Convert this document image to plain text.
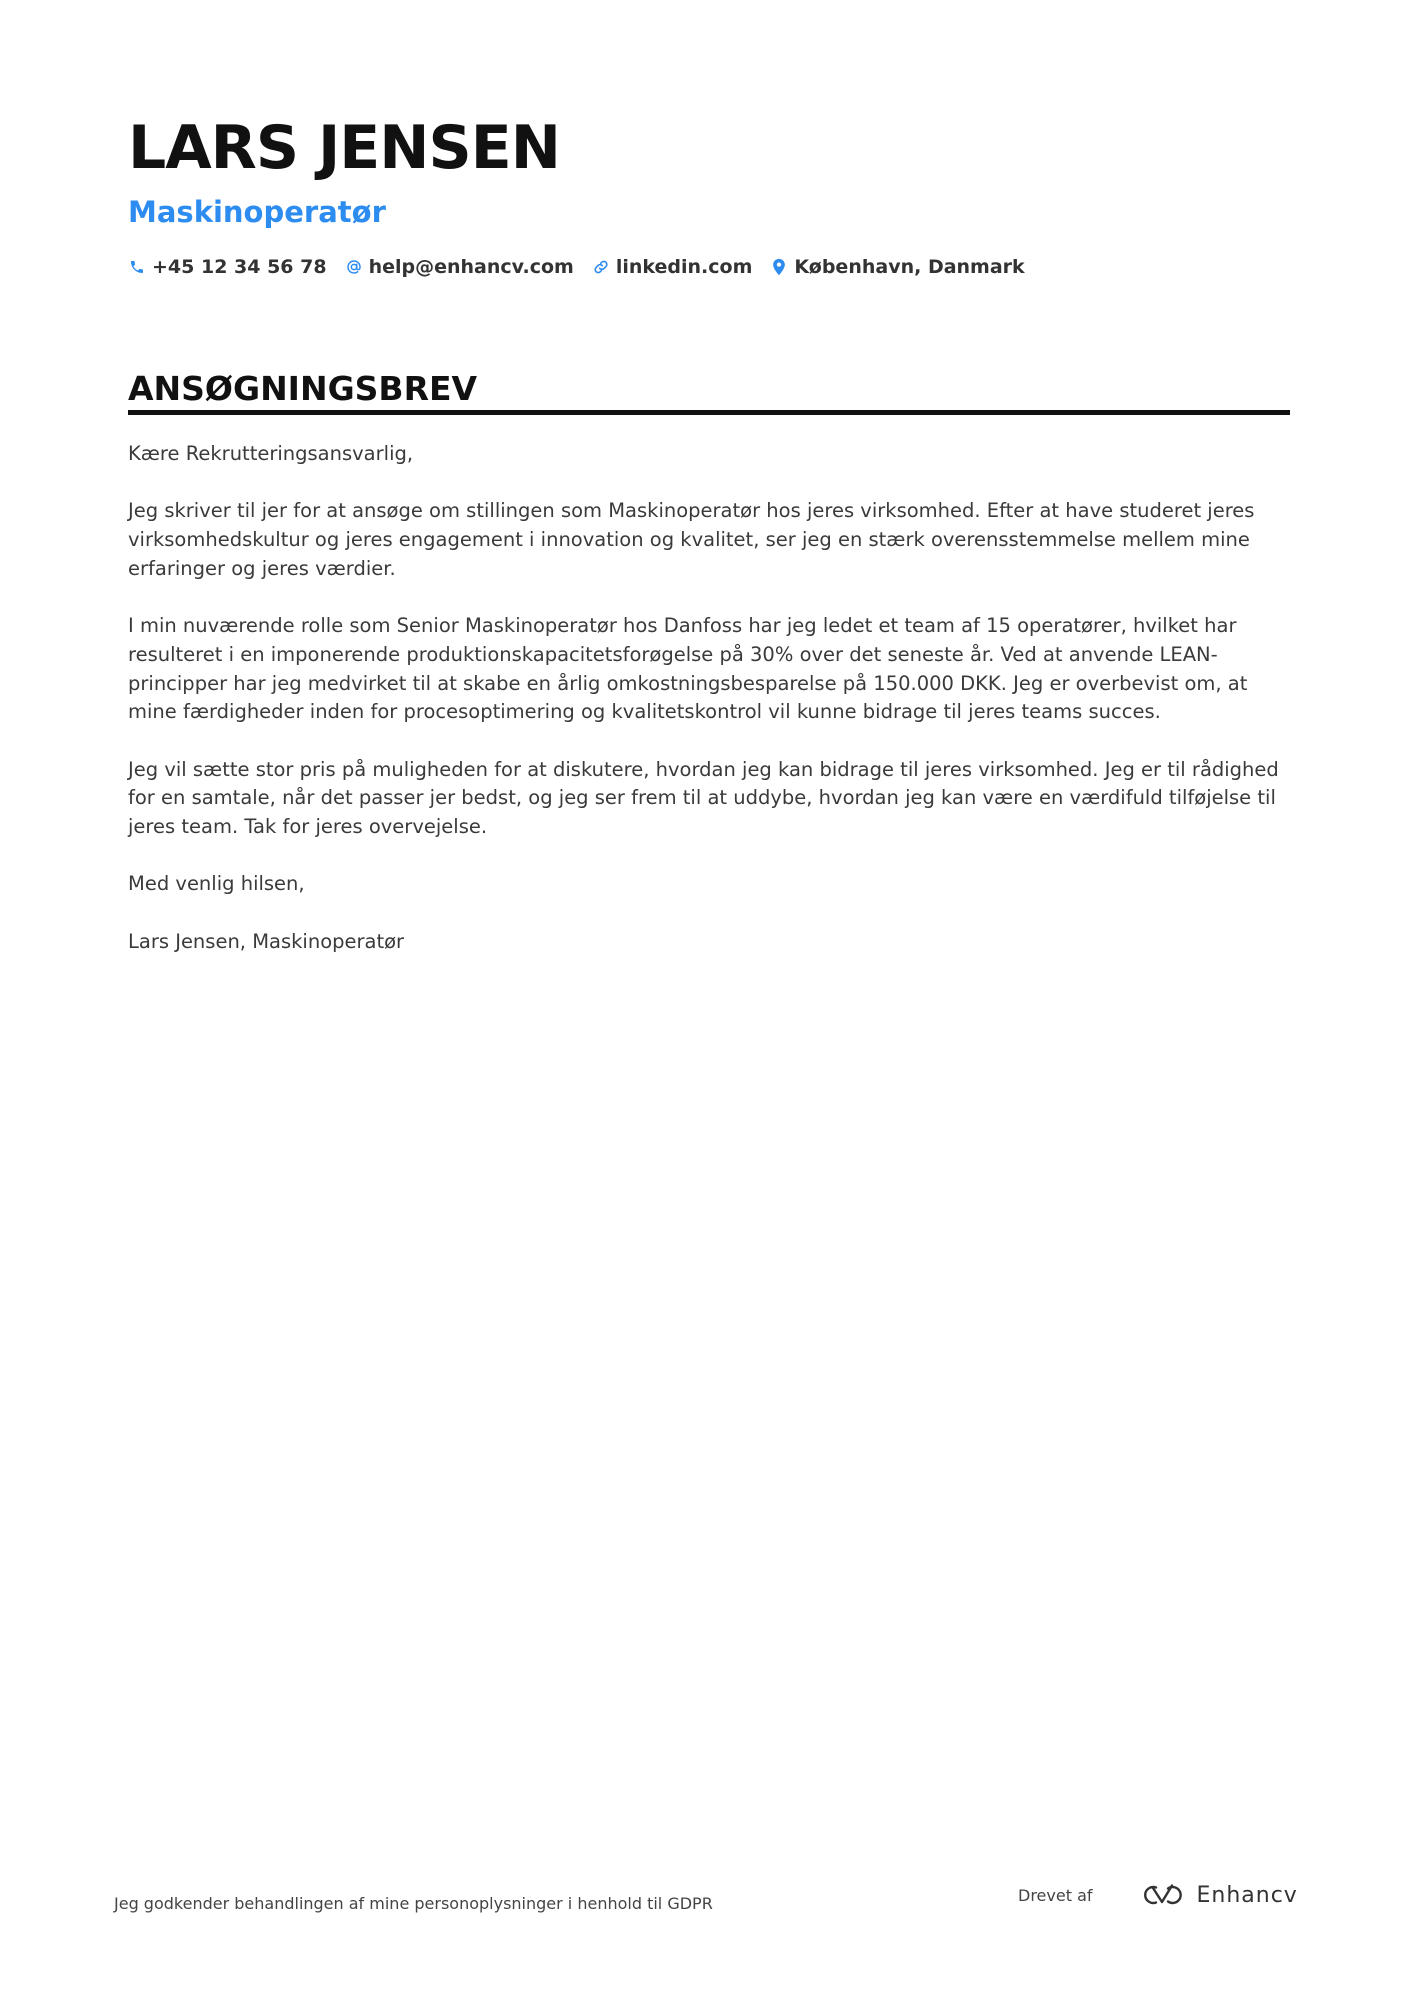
LARS JENSEN
Maskinoperatør
+45 12 34 56 78 help@enhancv.com linkedin.com København, Danmark
ANSØGNINGSBREV

Kære Rekrutteringsansvarlig,

Jeg skriver til jer for at ansøge om stillingen som Maskinoperatør hos jeres virksomhed. Efter at have studeret jeres virksomhedskultur og jeres engagement i innovation og kvalitet, ser jeg en stærk overensstemmelse mellem mine erfaringer og jeres værdier.

I min nuværende rolle som Senior Maskinoperatør hos Danfoss har jeg ledet et team af 15 operatører, hvilket har resulteret i en imponerende produktionskapacitetsforøgelse på 30% over det seneste år. Ved at anvende LEAN-principper har jeg medvirket til at skabe en årlig omkostningsbesparelse på 150.000 DKK. Jeg er overbevist om, at mine færdigheder inden for procesoptimering og kvalitetskontrol vil kunne bidrage til jeres teams succes.

Jeg vil sætte stor pris på muligheden for at diskutere, hvordan jeg kan bidrage til jeres virksomhed. Jeg er til rådighed for en samtale, når det passer jer bedst, og jeg ser frem til at uddybe, hvordan jeg kan være en værdifuld tilføjelse til jeres team. Tak for jeres overvejelse.

Med venlig hilsen,

Lars Jensen, Maskinoperatør

Jeg godkender behandlingen af mine personoplysninger i henhold til GDPR	Drevet af	Enhancv
